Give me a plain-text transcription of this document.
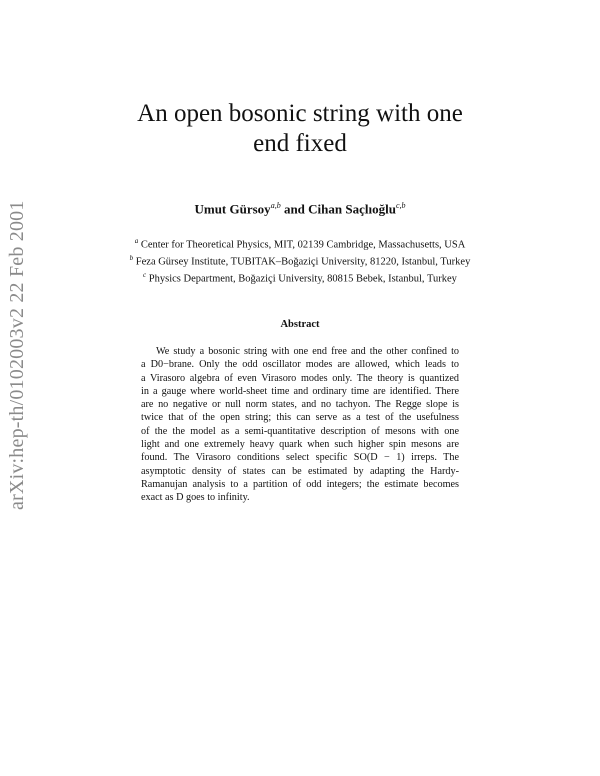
arXiv:hep-th/0102003v2 22 Feb 2001
An open bosonic string with one
end fixed
Umut Gürsoy$^{a,b}$ and Cihan Saçlıoğlu$^{c,b}$
$^a$ Center for Theoretical Physics, MIT, 02139 Cambridge, Massachusetts, USA
$^b$ Feza Gürsey Institute, TUBITAK–Boğaziçi University, 81220, Istanbul, Turkey
$^c$ Physics Department, Boğaziçi University, 80815 Bebek, Istanbul, Turkey
Abstract
We study a bosonic string with one end free and the other confined to
a D0−brane. Only the odd oscillator modes are allowed, which leads to
a Virasoro algebra of even Virasoro modes only. The theory is quantized
in a gauge where world-sheet time and ordinary time are identified. There
are no negative or null norm states, and no tachyon. The Regge slope is
twice that of the open string; this can serve as a test of the usefulness
of the the model as a semi-quantitative description of mesons with one
light and one extremely heavy quark when such higher spin mesons are
found. The Virasoro conditions select specific SO(D − 1) irreps. The
asymptotic density of states can be estimated by adapting the Hardy-
Ramanujan analysis to a partition of odd integers; the estimate becomes
exact as D goes to infinity.
